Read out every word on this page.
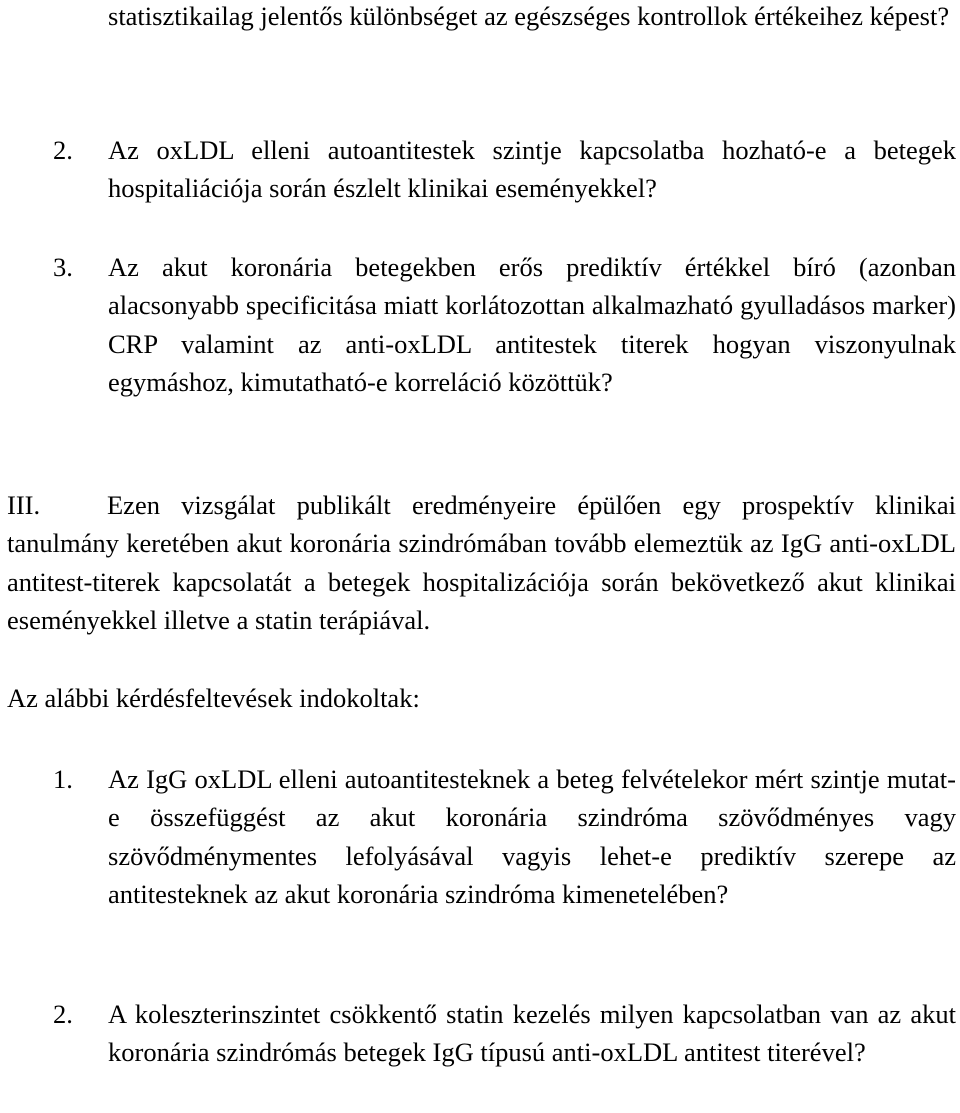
statisztikailag jelentős különbséget az egészséges kontrollok értékeihez képest?
2. Az oxLDL elleni autoantitestek szintje kapcsolatba hozható-e a betegek hospitaliációja során észlelt klinikai eseményekkel?
3. Az akut koronária betegekben erős prediktív értékkel bíró (azonban alacsonyabb specificitása miatt korlátozottan alkalmazható gyulladásos marker) CRP valamint az anti-oxLDL antitestek titerek hogyan viszonyulnak egymáshoz, kimutatható-e korreláció közöttük?
III.	Ezen vizsgálat publikált eredményeire épülően egy prospektív klinikai tanulmány keretében akut koronária szindrómában tovább elemeztük az IgG anti-oxLDL antitest-titerek kapcsolatát a betegek hospitalizációja során bekövetkező akut klinikai eseményekkel illetve a statin terápiával.
Az alábbi kérdésfeltevések indokoltak:
1. Az IgG oxLDL elleni autoantitesteknek a beteg felvételekor mért szintje mutat-e összefüggést az akut koronária szindróma szövődményes vagy szövődménymentes lefolyásával vagyis lehet-e prediktív szerepe az antitesteknek az akut koronária szindróma kimenetelében?
2. A koleszterinszintet csökkentő statin kezelés milyen kapcsolatban van az akut koronária szindrómás betegek IgG típusú anti-oxLDL antitest titerével?
